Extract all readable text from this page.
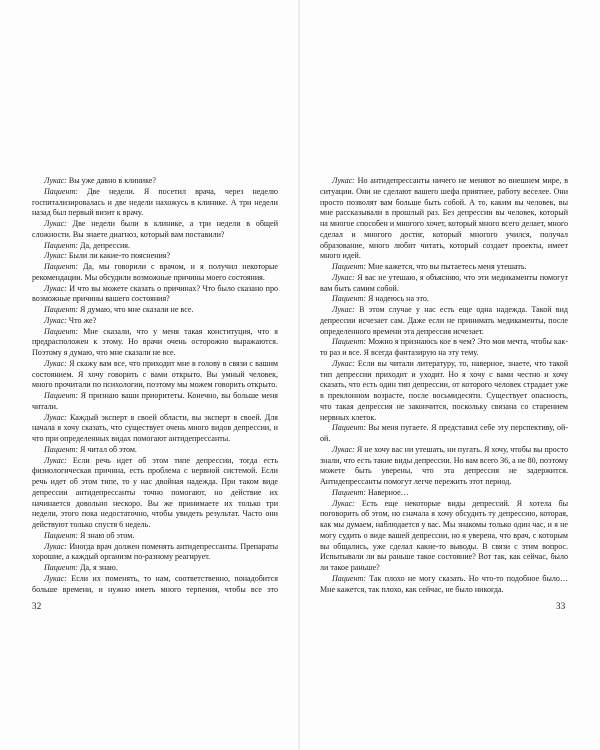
Лукас: Вы уже давно в клинике?

Пациент: Две недели. Я посетил врача, через неделю госпитализировалась и две недели нахожусь в клинике. А три недели назад был первый визит к врачу.

Лукас: Две недели были в клинике, а три недели в общей сложности. Вы знаете диагноз, который вам поставили?

Пациент: Да, депрессия.

Лукас: Были ли какие-то пояснения?

Пациент: Да, мы говорили с врачом, и я получил некоторые рекомендации. Мы обсудили возможные причины моего состояния.

Лукас: И что вы можете сказать о причинах? Что было сказано про возможные причины вашего состояния?

Пациент: Я думаю, что мне сказали не все.

Лукас: Что же?

Пациент: Мне сказали, что у меня такая конституция, что я предрасположен к этому. Но врачи очень осторожно выражаются. Поэтому я думаю, что мне сказали не все.

Лукас: Я скажу вам все, что приходит мне в голову в связи с вашим состоянием. Я хочу говорить с вами открыто. Вы умный человек, много прочитали по психологии, поэтому мы можем говорить открыто.

Пациент: Я признаю ваши приоритеты. Конечно, вы больше меня читали.

Лукас: Каждый эксперт в своей области, вы эксперт в своей. Для начала я хочу сказать, что существует очень много видов депрессии, и что при определенных видах помогают антидепрессанты.

Пациент: Я читал об этом.

Лукас: Если речь идет об этом типе депрессии, тогда есть физиологическая причина, есть проблема с нервной системой. Если речь идет об этом типе, то у нас двойная надежда. При таком виде депрессии антидепрессанты точно помогают, но действие их начинается довольно нескоро. Вы же принимаете их только три недели, этого пока недостаточно, чтобы увидеть результат. Часто они действуют только спустя 6 недель.

Пациент: Я знаю об этом.

Лукас: Иногда врач должен поменять антидепрессанты. Препараты хорошие, а каждый организм по-разному реагирует.

Пациент: Да, я знаю.

Лукас: Если их поменять, то нам, соответственно, понадобится больше времени, и нужно иметь много терпения, чтобы все это

32

Лукас: Но антидепрессанты ничего не меняют во внешнем мире, в ситуации. Они не сделают вашего шефа приятнее, работу веселее. Они просто позволят вам больше быть собой. А то, каким вы человек, вы мне рассказывали в прошлый раз. Без депрессии вы человек, который на многое способен и многого хочет, который много всего делает, много сделал и многого достиг, который многого учился, получал образование, много любит читать, который создает проекты, имеет много идей.

Пациент: Мне кажется, что вы пытаетесь меня утешать.

Лукас: Я вас не утешаю, я объясняю, что эти медикаменты помогут вам быть самим собой.

Пациент: Я надеюсь на это.

Лукас: В этом случае у нас есть еще одна надежда. Такой вид депрессии исчезает сам. Даже если не принимать медикаменты, после определенного времени эта депрессия исчезает.

Пациент: Можно я признаюсь кое в чем? Это моя мечта, чтобы как-то раз и все. Я всегда фантазирую на эту тему.

Лукас: Если вы читали литературу, то, наверное, знаете, что такой тип депрессии приходит и уходит. Но я хочу с вами честно и хочу сказать, что есть один тип депрессии, от которого человек страдает уже в преклонном возрасте, после восьмидесяти. Существует опасность, что такая депрессия не закончится, поскольку связана со старением нервных клеток.

Пациент: Вы меня пугаете. Я представил себе эту перспективу, ой-ой.

Лукас: Я не хочу вас ни утешать, ни пугать. Я хочу, чтобы вы просто знали, что есть такие виды депрессии. Но вам всего 36, а не 80, поэтому можете быть уверены, что эта депрессия не задержится. Антидепрессанты помогут легче пережить этот период.

Пациент: Наверное…

Лукас: Есть еще некоторые виды депрессий. Я хотела бы поговорить об этом, но сначала я хочу обсудить ту депрессию, которая, как мы думаем, наблюдается у вас. Мы знакомы только один час, и я не могу судить о виде вашей депрессии, но я уверена, что врач, с которым вы общались, уже сделал какие-то выводы. В связи с этим вопрос. Испытывали ли вы раньше такое состояние? Вот так, как сейчас, было ли такое раньше?

Пациент: Так плохо не могу сказать. Но что-то подобное было… Мне кажется, так плохо, как сейчас, не было никогда.

33
